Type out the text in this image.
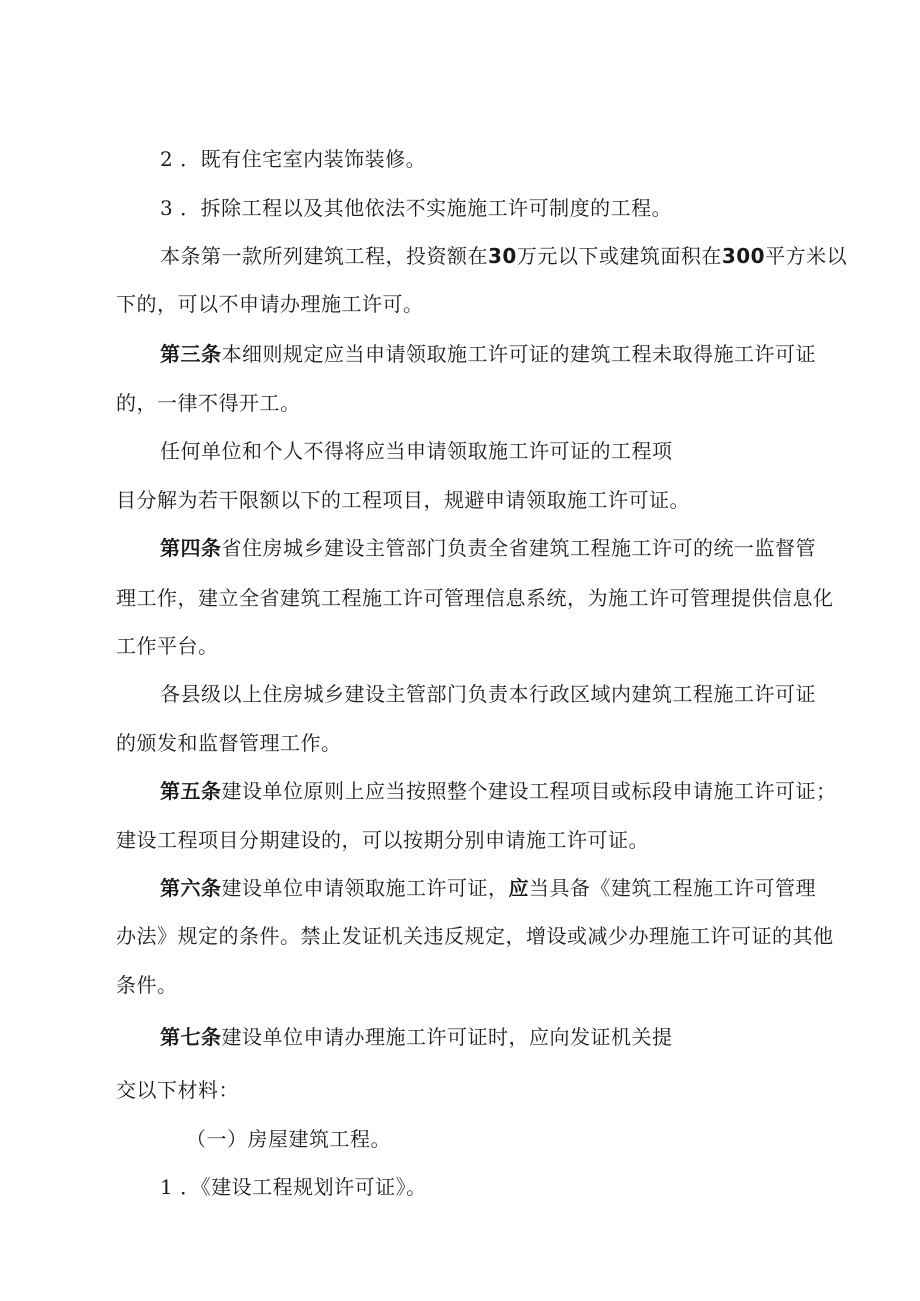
2 ．既有住宅室内装饰装修。
3 ．拆除工程以及其他依法不实施施工许可制度的工程。
本条第一款所列建筑工程，投资额在30万元以下或建筑面积在300平方米以
下的，可以不申请办理施工许可。
第三条本细则规定应当申请领取施工许可证的建筑工程未取得施工许可证
的，一律不得开工。
任何单位和个人不得将应当申请领取施工许可证的工程项
目分解为若干限额以下的工程项目，规避申请领取施工许可证。
第四条省住房城乡建设主管部门负责全省建筑工程施工许可的统一监督管
理工作，建立全省建筑工程施工许可管理信息系统，为施工许可管理提供信息化
工作平台。
各县级以上住房城乡建设主管部门负责本行政区域内建筑工程施工许可证
的颁发和监督管理工作。
第五条建设单位原则上应当按照整个建设工程项目或标段申请施工许可证；
建设工程项目分期建设的，可以按期分别申请施工许可证。
第六条建设单位申请领取施工许可证，应当具备《建筑工程施工许可管理
办法》规定的条件。禁止发证机关违反规定，增设或减少办理施工许可证的其他
条件。
第七条建设单位申请办理施工许可证时，应向发证机关提
交以下材料：
（一）房屋建筑工程。
1 ．《建设工程规划许可证》。
